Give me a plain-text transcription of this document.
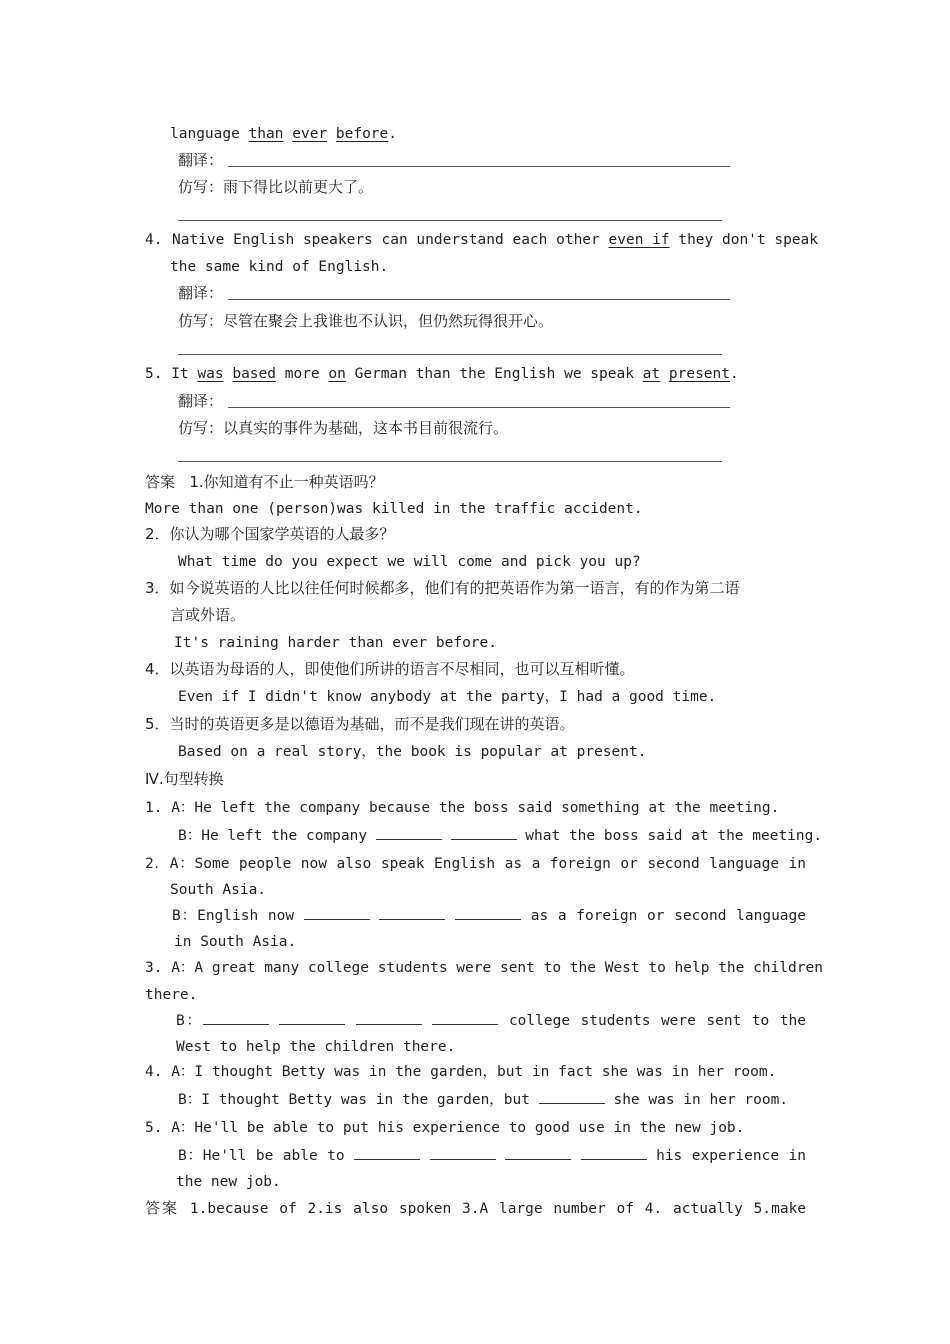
language than ever before.
翻译：
仿写：雨下得比以前更大了。
4. Native English speakers can understand each other even if they don't speak
the same kind of English.
翻译：
仿写：尽管在聚会上我谁也不认识，但仍然玩得很开心。
5. It was based more on German than the English we speak at present.
翻译：
仿写：以真实的事件为基础，这本书目前很流行。
答案 1.你知道有不止一种英语吗？
More than one (person)was killed in the traffic accident.
2．你认为哪个国家学英语的人最多？
What time do you expect we will come and pick you up?
3．如今说英语的人比以往任何时候都多，他们有的把英语作为第一语言，有的作为第二语
言或外语。
It's raining harder than ever before.
4．以英语为母语的人，即使他们所讲的语言不尽相同，也可以互相听懂。
Even if I didn't know anybody at the party，I had a good time.
5．当时的英语更多是以德语为基础，而不是我们现在讲的英语。
Based on a real story，the book is popular at present.
Ⅳ.句型转换
1. A：He left the company because the boss said something at the meeting.
B：He left the company	what the boss said at the meeting.
2．A：Some people now also speak English as a foreign or second language in
South Asia.
B：English now	as a foreign or second language
in South Asia.
3. A：A great many college students were sent to the West to help the children
there.
B：	college students were sent to the
West to help the children there.
4. A：I thought Betty was in the garden，but in fact she was in her room.
B：I thought Betty was in the garden，but	she was in her room.
5. A：He'll be able to put his experience to good use in the new job.
B：He'll be able to	his experience in
the new job.
答案 1.because of 2.is also spoken 3.A large number of 4. actually 5.make
